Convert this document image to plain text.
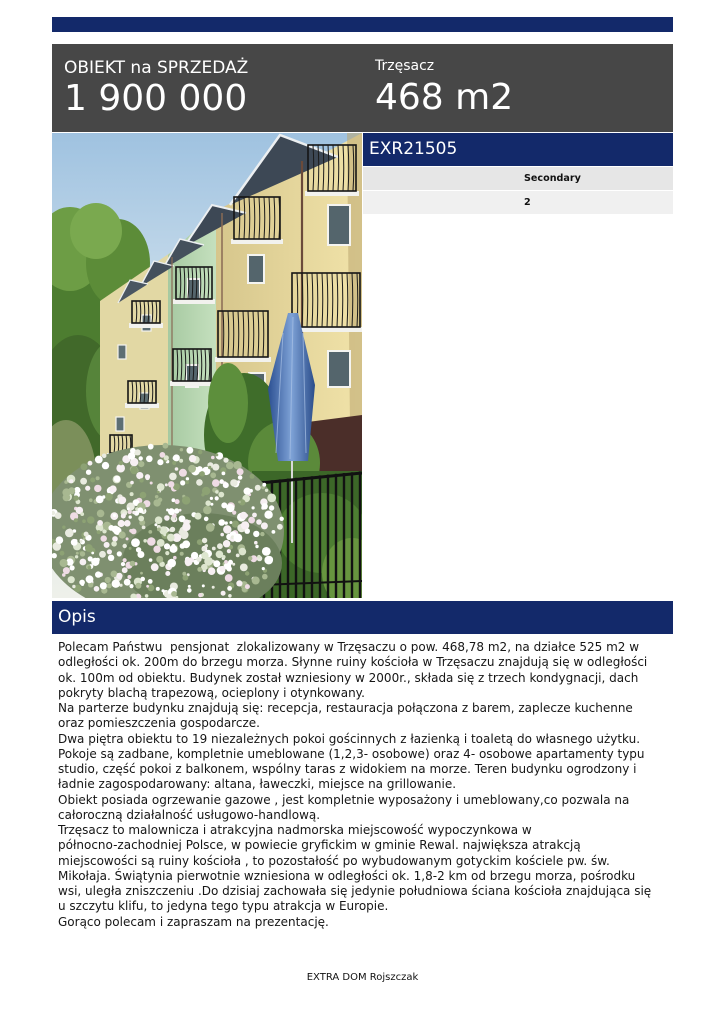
OBIEKT na SPRZEDAŻ
1 900 000
Trzęsacz
468 m2
EXR21505
Secondary
2
Opis
Polecam Państwu  pensjonat  zlokalizowany w Trzęsaczu o pow. 468,78 m2, na działce 525 m2 w
odległości ok. 200m do brzegu morza. Słynne ruiny kościoła w Trzęsaczu znajdują się w odległości
ok. 100m od obiektu. Budynek został wzniesiony w 2000r., składa się z trzech kondygnacji, dach
pokryty blachą trapezową, ocieplony i otynkowany.
Na parterze budynku znajdują się: recepcja, restauracja połączona z barem, zaplecze kuchenne
oraz pomieszczenia gospodarcze.
Dwa piętra obiektu to 19 niezależnych pokoi gościnnych z łazienką i toaletą do własnego użytku.
Pokoje są zadbane, kompletnie umeblowane (1,2,3- osobowe) oraz 4- osobowe apartamenty typu
studio, część pokoi z balkonem, wspólny taras z widokiem na morze. Teren budynku ogrodzony i
ładnie zagospodarowany: altana, ławeczki, miejsce na grillowanie.
Obiekt posiada ogrzewanie gazowe , jest kompletnie wyposażony i umeblowany,co pozwala na
całoroczną działalność usługowo-handlową.
Trzęsacz to malownicza i atrakcyjna nadmorska miejscowość wypoczynkowa w
północno-zachodniej Polsce, w powiecie gryfickim w gminie Rewal. największa atrakcją
miejscowości są ruiny kościoła , to pozostałość po wybudowanym gotyckim kościele pw. św.
Mikołaja. Świątynia pierwotnie wzniesiona w odległości ok. 1,8-2 km od brzegu morza, pośrodku
wsi, uległa zniszczeniu .Do dzisiaj zachowała się jedynie południowa ściana kościoła znajdująca się
u szczytu klifu, to jedyna tego typu atrakcja w Europie.
Gorąco polecam i zapraszam na prezentację.
EXTRA DOM Rojszczak
